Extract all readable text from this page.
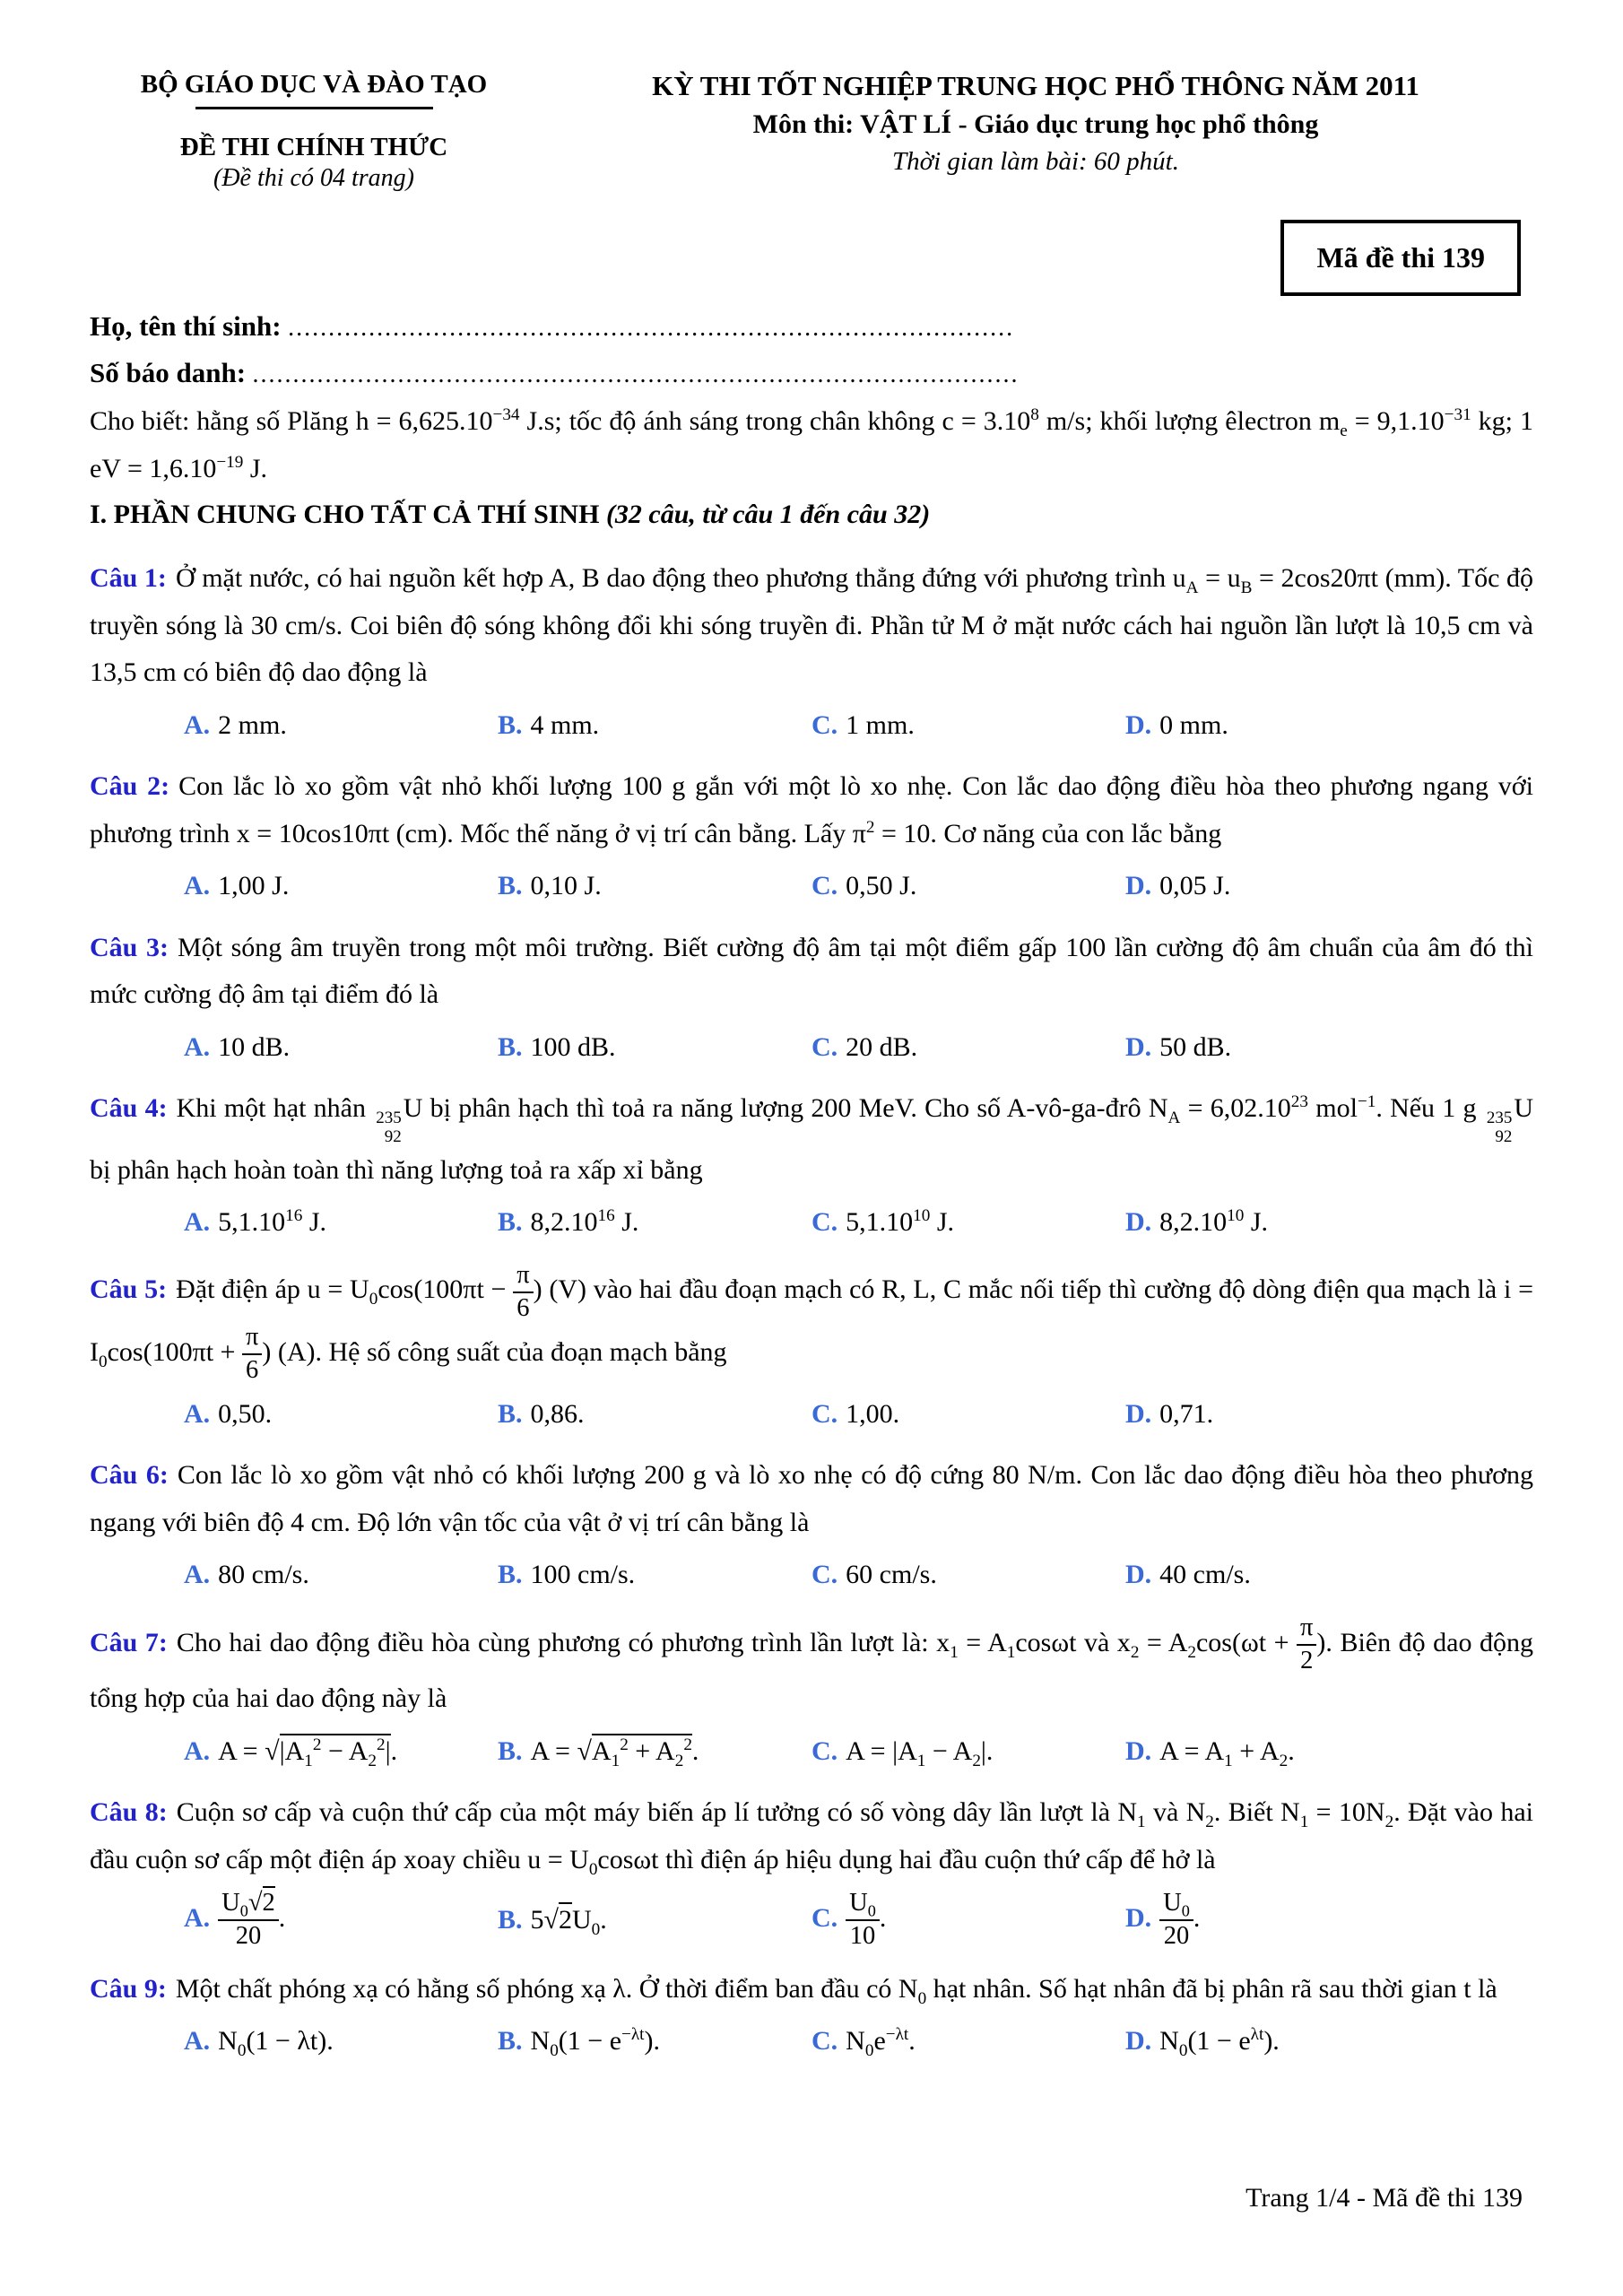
BỘ GIÁO DỤC VÀ ĐÀO TẠO
ĐỀ THI CHÍNH THỨC
(Đề thi có 04 trang)
KỲ THI TỐT NGHIỆP TRUNG HỌC PHỔ THÔNG NĂM 2011
Môn thi: VẬT LÍ - Giáo dục trung học phổ thông
Thời gian làm bài: 60 phút.
Mã đề thi 139
Họ, tên thí sinh: ..........................................................................................
Số báo danh: ...............................................................................................
Cho biết: hằng số Plăng $h = 6,625.10^{-34}$ J.s; tốc độ ánh sáng trong chân không $c = 3.10^8$ m/s; khối lượng êlectron $m_e = 9,1.10^{-31}$ kg; 1 eV = $1,6.10^{-19}$ J.
I. PHẦN CHUNG CHO TẤT CẢ THÍ SINH (32 câu, từ câu 1 đến câu 32)

Câu 1: Ở mặt nước, có hai nguồn kết hợp A, B dao động theo phương thẳng đứng với phương trình $u_A = u_B = 2\cos 20\pi t$ (mm). Tốc độ truyền sóng là 30 cm/s. Coi biên độ sóng không đổi khi sóng truyền đi. Phần tử M ở mặt nước cách hai nguồn lần lượt là 10,5 cm và 13,5 cm có biên độ dao động là

A. 2 mm.	B. 4 mm.	C. 1 mm.	D. 0 mm.

Câu 2: Con lắc lò xo gồm vật nhỏ khối lượng 100 g gắn với một lò xo nhẹ. Con lắc dao động điều hòa theo phương ngang với phương trình x = 10cos10πt (cm). Mốc thế năng ở vị trí cân bằng. Lấy $\pi^2 = 10$. Cơ năng của con lắc bằng

A. 1,00 J.	B. 0,10 J.	C. 0,50 J.	D. 0,05 J.

Câu 3: Một sóng âm truyền trong một môi trường. Biết cường độ âm tại một điểm gấp 100 lần cường độ âm chuẩn của âm đó thì mức cường độ âm tại điểm đó là

A. 10 dB.	B. 100 dB.	C. 20 dB.	D. 50 dB.

Câu 4: Khi một hạt nhân 235
92
U bị phân hạch thì toả ra năng lượng 200 MeV. Cho số A-vô-ga-đrô $N_A = 6,02.10^{23}$ mol$^{-1}$. Nếu 1 g 235
92
U bị phân hạch hoàn toàn thì năng lượng toả ra xấp xỉ bằng

A. 5,1.10$^{16}$ J.	B. 8,2.10$^{16}$ J.	C. 5,1.10$^{10}$ J.	D. 8,2.10$^{10}$ J.

Câu 5: Đặt điện áp $u = U_0\cos(100\pi t - \frac{\pi}{6}$ ) (V) vào hai đầu đoạn mạch có R, L, C mắc nối tiếp thì cường độ dòng điện qua mạch là $i = I_0\cos(100\pi t + \frac{\pi}{6}$ ) (A). Hệ số công suất của đoạn mạch bằng

A. 0,50.	B. 0,86.	C. 1,00.	D. 0,71.

Câu 6: Con lắc lò xo gồm vật nhỏ có khối lượng 200 g và lò xo nhẹ có độ cứng 80 N/m. Con lắc dao động điều hòa theo phương ngang với biên độ 4 cm. Độ lớn vận tốc của vật ở vị trí cân bằng là

A. 80 cm/s.	B. 100 cm/s.	C. 60 cm/s.	D. 40 cm/s.

Câu 7: Cho hai dao động điều hòa cùng phương có phương trình lần lượt là: $x_1 = A_1\cos\omega t$ và $x_2 = A_2\cos(\omega t + \frac{\pi}{2}$ ). Biên độ dao động tổng hợp của hai dao động này là

A. $A = √|A_1^2 - A_2^2|$.	B. $A = √A_1^2 + A_2^2$.	C. $A = |A_1 - A_2|$.	D. $A = A_1 + A_2$.

Câu 8: Cuộn sơ cấp và cuộn thứ cấp của một máy biến áp lí tưởng có số vòng dây lần lượt là $N_1$ và $N_2$. Biết $N_1 = 10N_2$. Đặt vào hai đầu cuộn sơ cấp một điện áp xoay chiều $u = U_0\cos\omega t$ thì điện áp hiệu dụng hai đầu cuộn thứ cấp để hở là

A. $\frac{U_0√2}{20}$ .	B. $5√2U_0$.	C. $\frac{U_0}{10}$ .	D. $\frac{U_0}{20}$ .

Câu 9: Một chất phóng xạ có hằng số phóng xạ λ. Ở thời điểm ban đầu có $N_0$ hạt nhân. Số hạt nhân đã bị phân rã sau thời gian t là

A. $N_0(1 - \lambda t)$.	B. $N_0(1 - e^{-\lambda t})$.	C. $N_0e^{-\lambda t}$.	D. $N_0(1 - e^{\lambda t})$.
Trang 1/4 - Mã đề thi 139
